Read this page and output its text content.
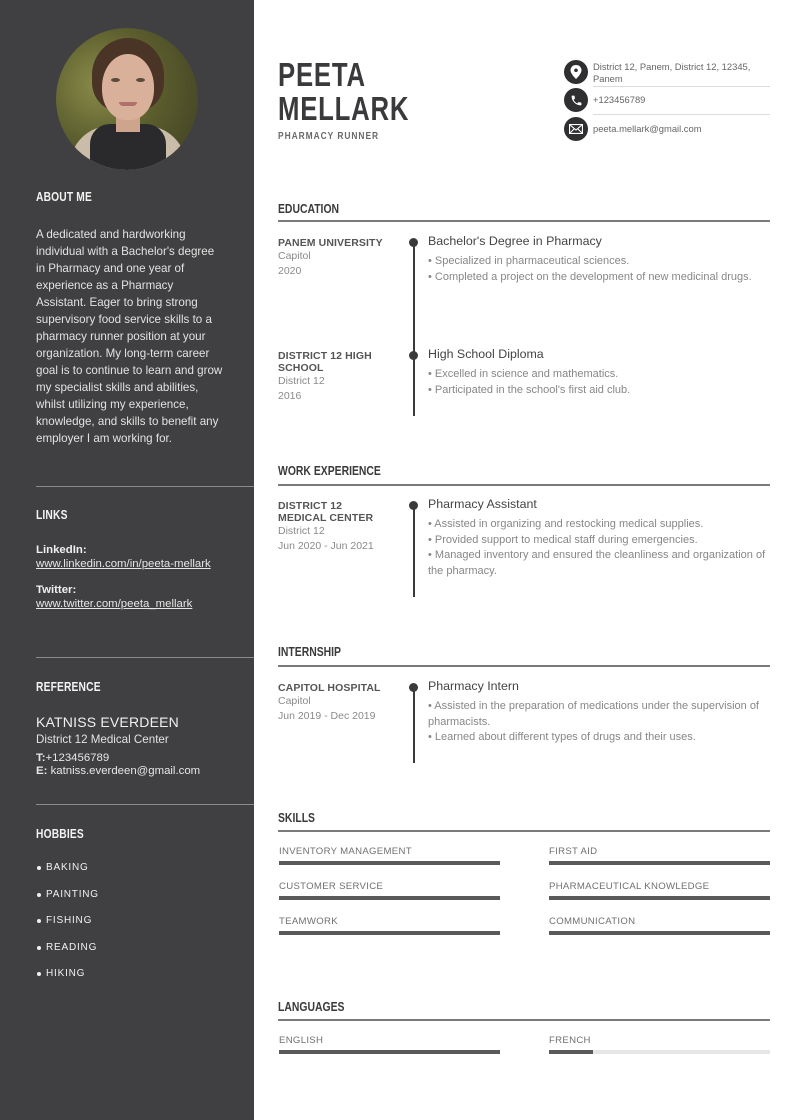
ABOUT ME
A dedicated and hardworking individual with a Bachelor's degree in Pharmacy and one year of experience as a Pharmacy Assistant. Eager to bring strong supervisory food service skills to a pharmacy runner position at your organization. My long-term career goal is to continue to learn and grow my specialist skills and abilities, whilst utilizing my experience, knowledge, and skills to benefit any employer I am working for.
LINKS
LinkedIn:
www.linkedin.com/in/peeta-mellark
Twitter:
www.twitter.com/peeta_mellark
REFERENCE
KATNISS EVERDEEN
District 12 Medical Center
T:+123456789
E: katniss.everdeen@gmail.com
HOBBIES
BAKING
PAINTING
FISHING
READING
HIKING
PEETA
MELLARK
PHARMACY RUNNER
District 12, Panem, District 12, 12345, Panem
+123456789
peeta.mellark@gmail.com
EDUCATION
PANEM UNIVERSITY
Capitol
2020
Bachelor's Degree in Pharmacy
• Specialized in pharmaceutical sciences.
• Completed a project on the development of new medicinal drugs.
DISTRICT 12 HIGH SCHOOL
District 12
2016
High School Diploma
• Excelled in science and mathematics.
• Participated in the school's first aid club.
WORK EXPERIENCE
DISTRICT 12 MEDICAL CENTER
District 12
Jun 2020 - Jun 2021
Pharmacy Assistant
• Assisted in organizing and restocking medical supplies.
• Provided support to medical staff during emergencies.
• Managed inventory and ensured the cleanliness and organization of the pharmacy.
INTERNSHIP
CAPITOL HOSPITAL
Capitol
Jun 2019 - Dec 2019
Pharmacy Intern
• Assisted in the preparation of medications under the supervision of pharmacists.
• Learned about different types of drugs and their uses.
SKILLS
INVENTORY MANAGEMENT	FIRST AID
CUSTOMER SERVICE	PHARMACEUTICAL KNOWLEDGE
TEAMWORK	COMMUNICATION
LANGUAGES
ENGLISH	FRENCH
